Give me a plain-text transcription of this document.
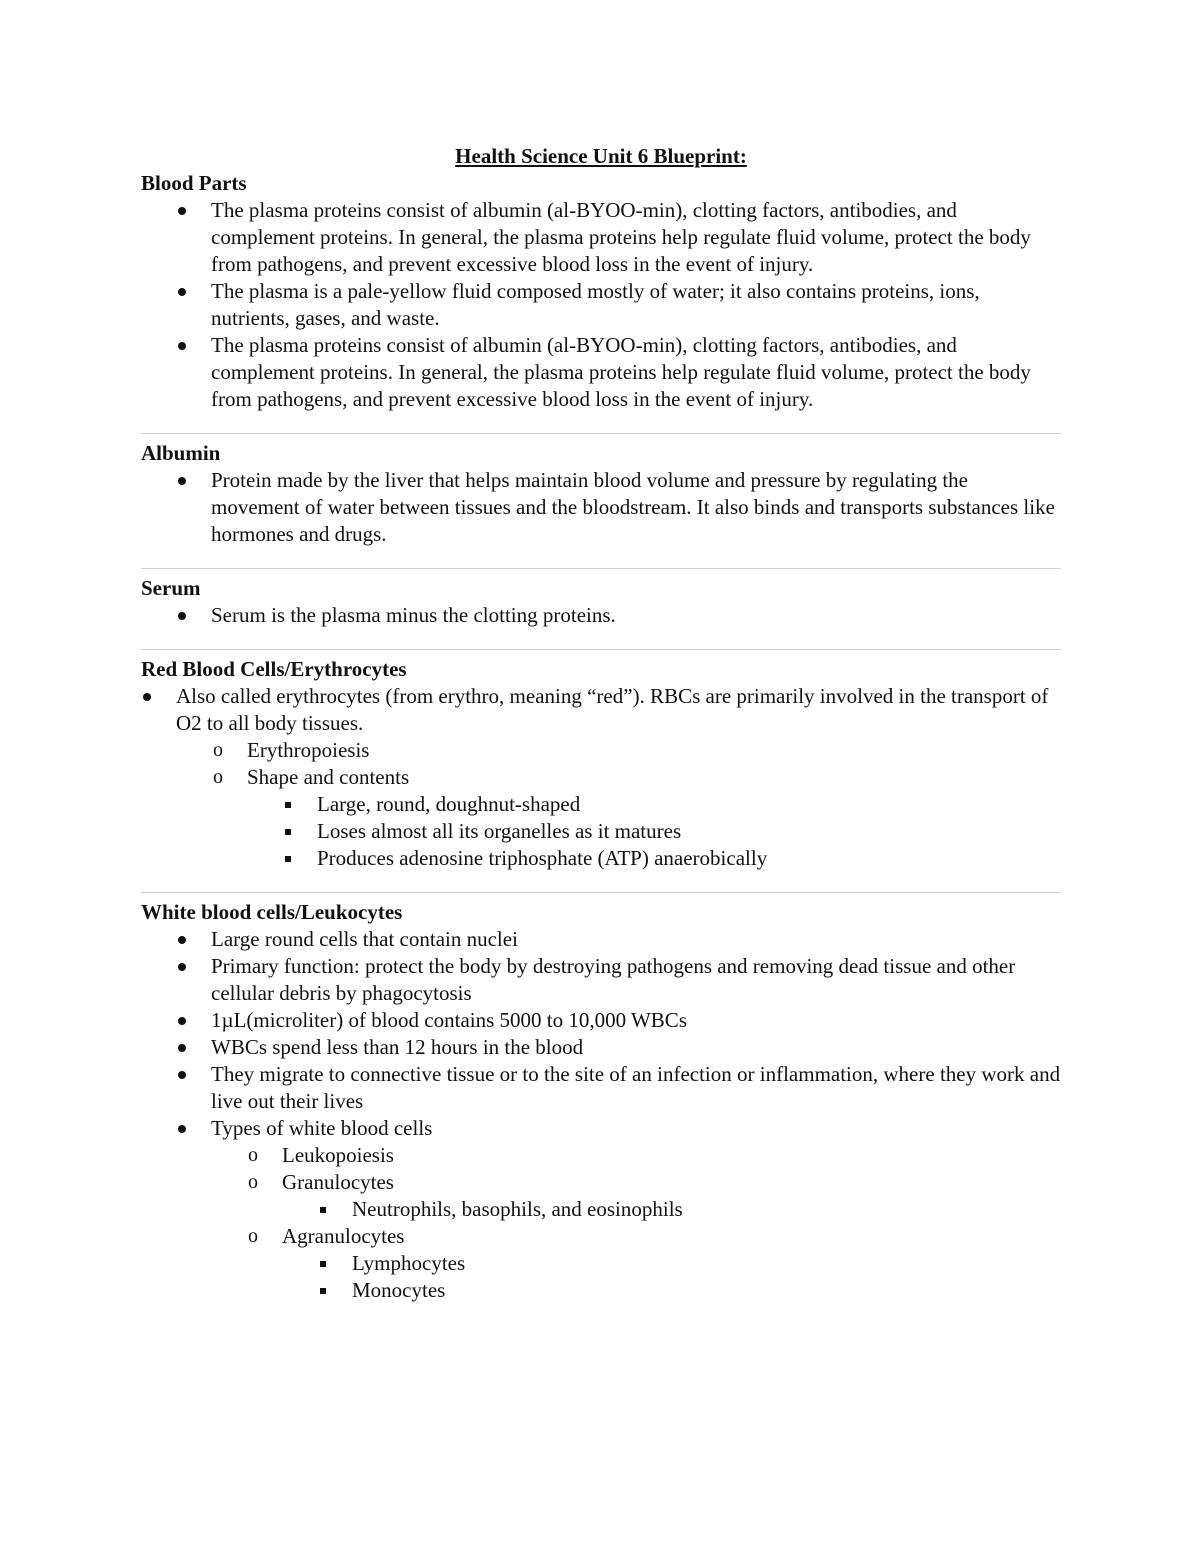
Health Science Unit 6 Blueprint:

Blood Parts

The plasma proteins consist of albumin (al-BYOO-min), clotting factors, antibodies, and complement proteins. In general, the plasma proteins help regulate fluid volume, protect the body from pathogens, and prevent excessive blood loss in the event of injury.
The plasma is a pale-yellow fluid composed mostly of water; it also contains proteins, ions, nutrients, gases, and waste.
The plasma proteins consist of albumin (al-BYOO-min), clotting factors, antibodies, and complement proteins. In general, the plasma proteins help regulate fluid volume, protect the body from pathogens, and prevent excessive blood loss in the event of injury.

Albumin

Protein made by the liver that helps maintain blood volume and pressure by regulating the movement of water between tissues and the bloodstream. It also binds and transports substances like hormones and drugs.

Serum

Serum is the plasma minus the clotting proteins.

Red Blood Cells/Erythrocytes

Also called erythrocytes (from erythro, meaning “red”). RBCs are primarily involved in the transport of O2 to all body tissues.
o Erythropoiesis
o Shape and contents
Large, round, doughnut-shaped
Loses almost all its organelles as it matures
Produces adenosine triphosphate (ATP) anaerobically

White blood cells/Leukocytes

Large round cells that contain nuclei
Primary function: protect the body by destroying pathogens and removing dead tissue and other cellular debris by phagocytosis
1µL(microliter) of blood contains 5000 to 10,000 WBCs
WBCs spend less than 12 hours in the blood
They migrate to connective tissue or to the site of an infection or inflammation, where they work and live out their lives
Types of white blood cells
o Leukopoiesis
o Granulocytes
Neutrophils, basophils, and eosinophils
o Agranulocytes
Lymphocytes
Monocytes
